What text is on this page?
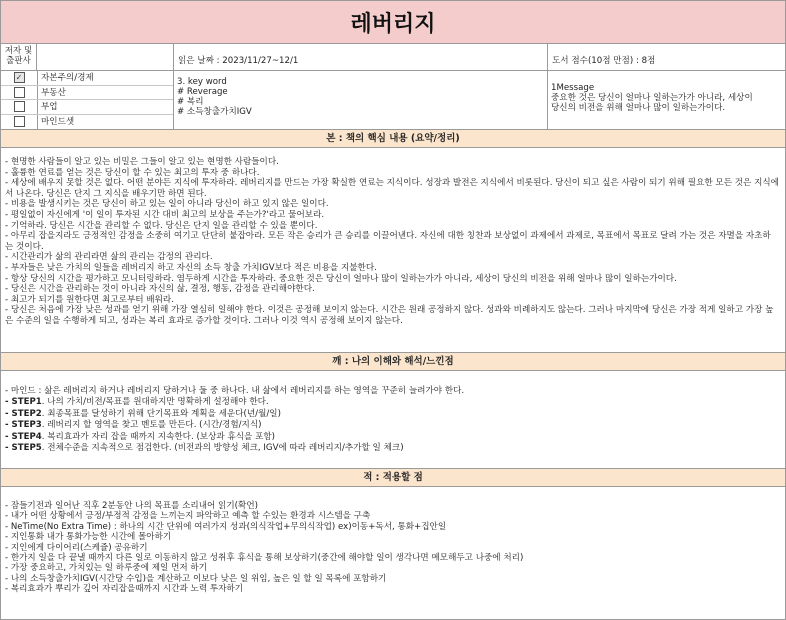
레버리지
저자 및 출판사	읽은 날짜 : 2023/11/27~12/1	도서 점수(10점 만점) : 8점
✓	자본주의/경제
부동산
부업
마인드셋
3. key word
# Reverage
# 복리
# 소득창출가치IGV
1Message
중요한 것은 당신이 얼마나 일하는가가 아니라, 세상이
당신의 비전을 위해 얼마나 많이 일하는가이다.
본 : 책의 핵심 내용 (요약/정리)
- 현명한 사람들이 알고 있는 비밀은 그들이 알고 있는 현명한 사람들이다.
- 훌륭한 연료를 얻는 것은 당신이 할 수 있는 최고의 투자 중 하나다.
- 세상에 배우지 못할 것은 없다. 어떤 분야든 지식에 투자하라. 레버리지를 만드는 가장 확실한 연료는 지식이다. 성장과 발전은 지식에서 비롯된다. 당신이 되고 싶은 사람이 되기 위해 필요한 모든 것은 지식에서 나온다. 당신은 단지 그 지식을 배우기만 하면 된다.
- 비용을 발생시키는 것은 당신이 하고 있는 일이 아니라 당신이 하고 있지 않은 일이다.
- 평일없이 자신에게 '이 일이 투자된 시간 대비 최고의 보상을 주는가?'라고 물어보라.
- 기억하라. 당신은 시간을 관리할 수 없다. 당신은 단지 일을 관리할 수 있을 뿐이다.
- 아무리 잡을지라도 긍정적인 감정을 소중히 여기고 단단히 붙잡아라. 모든 작은 승리가 큰 승리를 이끌어낸다. 자신에 대한 칭찬과 보상없이 과제에서 과제로, 목표에서 목표로 달려 가는 것은 자멸을 자초하는 것이다.
- 시간관리가 삶의 관리라면 삶의 관리는 감정의 관리다.
- 부자들은 낮은 가치의 일들을 레버리지 하고 자신의 소득 창출 가치IGV보다 적은 비용을 지불한다.
- 항상 당신의 시간을 평가하고 모니터링하라. 염두하게 시간을 투자하라. 중요한 것은 당신이 얼마나 많이 일하는가가 아니라, 세상이 당신의 비전을 위해 얼마나 많이 일하는가이다.
- 당신은 시간을 관리하는 것이 아니라 자신의 삶, 결정, 행동, 감정을 관리해야한다.
- 최고가 되기를 원한다면 최고로부터 배워라.
- 당신은 처음에 가장 낮은 성과를 얻기 위해 가장 열심히 일해야 한다. 이것은 공정해 보이지 않는다. 시간은 원래 공정하지 않다. 성과와 비례하지도 않는다. 그러나 마지막에 당신은 가장 적게 일하고 가장 높은 수준의 일을 수행하게 되고, 성과는 복리 효과로 증가할 것이다. 그러나 이것 역시 공정해 보이지 않는다.
깨 : 나의 이해와 해석/느낀점
- 마인드 : 삶은 레버리지 하거나 레버리지 당하거나 둘 중 하나다. 내 삶에서 레버리지를 하는 영역을 꾸준히 늘려가야 한다.
- STEP1. 나의 가치/비전/목표를 원대하지만 명확하게 설정해야 한다.
- STEP2. 최종목표를 달성하기 위해 단기목표와 계획을 세운다(년/월/일)
- STEP3. 레버리지 할 영역을 찾고 멘토를 만든다. (시간/경험/지식)
- STEP4. 복리효과가 자리 잡을 때까지 지속한다. (보상과 휴식을 포함)
- STEP5. 전체수준을 지속적으로 점검한다. (비전과의 방향성 체크, IGV에 따라 레버리지/추가할 일 체크)
적 : 적용할 점
- 잠들기전과 일어난 직후 2분동안 나의 목표를 소리내어 읽기(확언)
- 내가 어떤 상황에서 긍정/부정적 감정을 느끼는지 파악하고 예측 할 수있는 환경과 시스템을 구축
- NeTime(No Extra Time) : 하나의 시간 단위에 여러가지 성과(의식작업+무의식작업) ex)이동+독서, 통화+집안일
- 지인통화 내가 통화가능한 시간에 몰아하기
- 지인에게 다이어리(스케쥴) 공유하기
- 한가지 일을 다 끝낼 때까지 다른 일로 이동하지 않고 성취후 휴식을 통해 보상하기(중간에 해야할 일이 생각나면 메모해두고 나중에 처리)
- 가장 중요하고, 가치있는 일 하루중에 제일 먼저 하기
- 나의 소득창출가치IGV(시간당 수입)을 계산하고 이보다 낮은 일 위임, 높은 일 할 일 목록에 포함하기
- 복리효과가 뿌리가 깊어 자리잡을때까지 시간과 노력 투자하기
